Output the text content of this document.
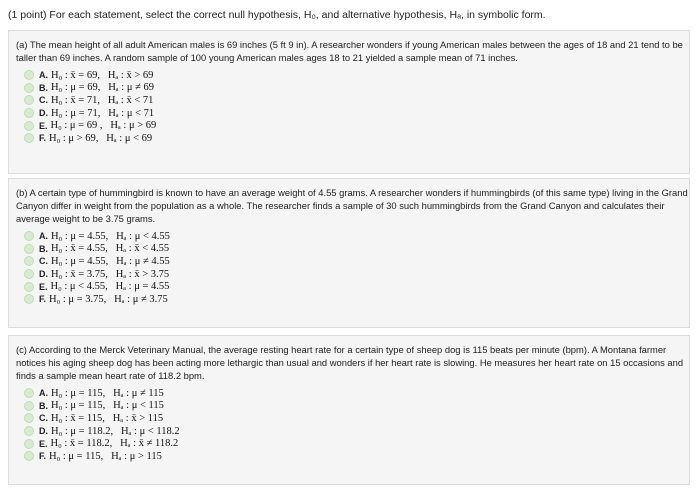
(1 point) For each statement, select the correct null hypothesis, H₀, and alternative hypothesis, Hₐ, in symbolic form.
(a) The mean height of all adult American males is 69 inches (5 ft 9 in). A researcher wonders if young American males between the ages of 18 and 21 tend to be taller than 69 inches. A random sample of 100 young American males ages 18 to 21 yielded a sample mean of 71 inches.
A. H₀ : x̄ = 69,   Hₐ : x̄ > 69
B. H₀ : μ = 69,   Hₐ : μ ≠ 69
C. H₀ : x̄ = 71,   Hₐ : x̄ < 71
D. H₀ : μ = 71,   Hₐ : μ < 71
E. H₀ : μ = 69 ,   Hₐ : μ > 69
F. H₀ : μ > 69,   Hₐ : μ < 69
(b) A certain type of hummingbird is known to have an average weight of 4.55 grams. A researcher wonders if hummingbirds (of this same type) living in the Grand Canyon differ in weight from the population as a whole. The researcher finds a sample of 30 such hummingbirds from the Grand Canyon and calculates their average weight to be 3.75 grams.
A. H₀ : μ = 4.55,   Hₐ : μ < 4.55
B. H₀ : x̄ = 4.55,   Hₐ : x̄ < 4.55
C. H₀ : μ = 4.55,   Hₐ : μ ≠ 4.55
D. H₀ : x̄ = 3.75,   Hₐ : x̄ > 3.75
E. H₀ : μ < 4.55,   Hₐ : μ = 4.55
F. H₀ : μ = 3.75,   Hₐ : μ ≠ 3.75
(c) According to the Merck Veterinary Manual, the average resting heart rate for a certain type of sheep dog is 115 beats per minute (bpm). A Montana farmer notices his aging sheep dog has been acting more lethargic than usual and wonders if her heart rate is slowing. He measures her heart rate on 15 occasions and finds a sample mean heart rate of 118.2 bpm.
A. H₀ : μ = 115,   Hₐ : μ ≠ 115
B. H₀ : μ = 115,   Hₐ : μ < 115
C. H₀ : x̄ = 115,   Hₐ : x̄ > 115
D. H₀ : μ = 118.2,   Hₐ : μ < 118.2
E. H₀ : x̄ = 118.2,   Hₐ : x̄ ≠ 118.2
F. H₀ : μ = 115,   Hₐ : μ > 115
